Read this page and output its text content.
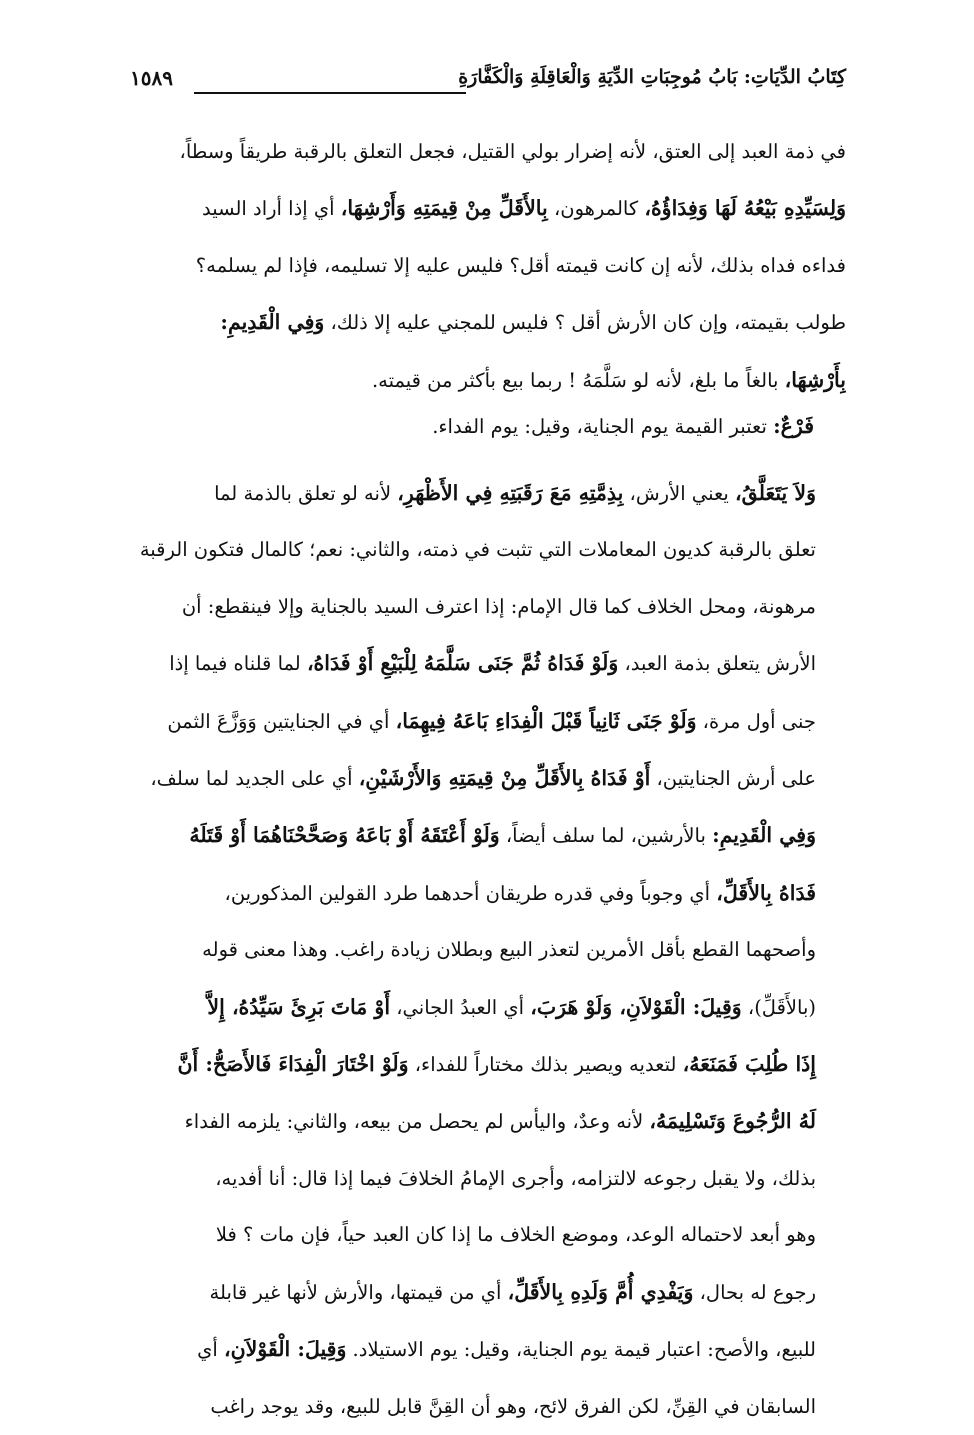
كِتَابُ الدِّيَاتِ: بَابُ مُوجِبَاتِ الدِّيَةِ وَالْعَاقِلَةِ وَالْكَفَّارَةِ
١٥٨٩
في ذمة العبد إلى العتق، لأنه إضرار بولي القتيل، فجعل التعلق بالرقبة طريقاً وسطاً،
وَلِسَيِّدِهِ بَيْعُهُ لَهَا وَفِدَاؤُهُ، كالمرهون، بِالأَقَلِّ مِنْ قِيمَتِهِ وَأَرْشِهَا، أي إذا أراد السيد
فداءه فداه بذلك، لأنه إن كانت قيمته أقل؟ فليس عليه إلا تسليمه، فإذا لم يسلمه؟
طولب بقيمته، وإن كان الأرش أقل ؟ فليس للمجني عليه إلا ذلك، وَفِي الْقَدِيمِ:
بِأَرْشِهَا، بالغاً ما بلغ، لأنه لو سَلَّمَهُ ! ربما بيع بأكثر من قيمته.
فَرْعٌ: تعتبر القيمة يوم الجناية، وقيل: يوم الفداء.
وَلاَ يَتَعَلَّقُ، يعني الأرش، بِذِمَّتِهِ مَعَ رَقَبَتِهِ فِي الأَظْهَرِ، لأنه لو تعلق بالذمة لما
تعلق بالرقبة كديون المعاملات التي تثبت في ذمته، والثاني: نعم؛ كالمال فتكون الرقبة
مرهونة، ومحل الخلاف كما قال الإمام: إذا اعترف السيد بالجناية وإلا فينقطع: أن
الأرش يتعلق بذمة العبد، وَلَوْ فَدَاهُ ثُمَّ جَنَى سَلَّمَهُ لِلْبَيْعِ أَوْ فَدَاهُ، لما قلناه فيما إذا
جنى أول مرة، وَلَوْ جَنَى ثَانِياً قَبْلَ الْفِدَاءِ بَاعَهُ فِيهِمَا، أي في الجنايتين وَوَزَّعَ الثمن
على أرش الجنايتين، أَوْ فَدَاهُ بِالأَقَلِّ مِنْ قِيمَتِهِ وَالأَرْشَيْنِ، أي على الجديد لما سلف،
وَفِي الْقَدِيمِ: بالأرشين، لما سلف أيضاً، وَلَوْ أَعْتَقَهُ أَوْ بَاعَهُ وَصَحَّحْنَاهُمَا أَوْ قَتَلَهُ
فَدَاهُ بِالأَقَلِّ، أي وجوباً وفي قدره طريقان أحدهما طرد القولين المذكورين،
وأصحهما القطع بأقل الأمرين لتعذر البيع وبطلان زيادة راغب. وهذا معنى قوله
(بالأَقَلِّ)، وَقِيلَ: الْقَوْلاَنِ، وَلَوْ هَرَبَ، أي العبدُ الجاني، أَوْ مَاتَ بَرِئَ سَيِّدُهُ، إِلاَّ
إِذَا طُلِبَ فَمَنَعَهُ، لتعديه ويصير بذلك مختاراً للفداء، وَلَوْ اخْتَارَ الْفِدَاءَ فَالأَصَحُّ: أَنَّ
لَهُ الرُّجُوعَ وَتَسْلِيمَهُ، لأنه وعدٌ، واليأس لم يحصل من بيعه، والثاني: يلزمه الفداء
بذلك، ولا يقبل رجوعه لالتزامه، وأجرى الإمامُ الخلافَ فيما إذا قال: أنا أفديه،
وهو أبعد لاحتماله الوعد، وموضع الخلاف ما إذا كان العبد حياً، فإن مات ؟ فلا
رجوع له بحال، وَيَفْدِي أُمَّ وَلَدِهِ بِالأَقَلِّ، أي من قيمتها، والأرش لأنها غير قابلة
للبيع، والأصح: اعتبار قيمة يوم الجناية، وقيل: يوم الاستيلاد. وَقِيلَ: الْقَوْلاَنِ، أي
السابقان في القِنِّ، لكن الفرق لائح، وهو أن القِنَّ قابل للبيع، وقد يوجد راغب
